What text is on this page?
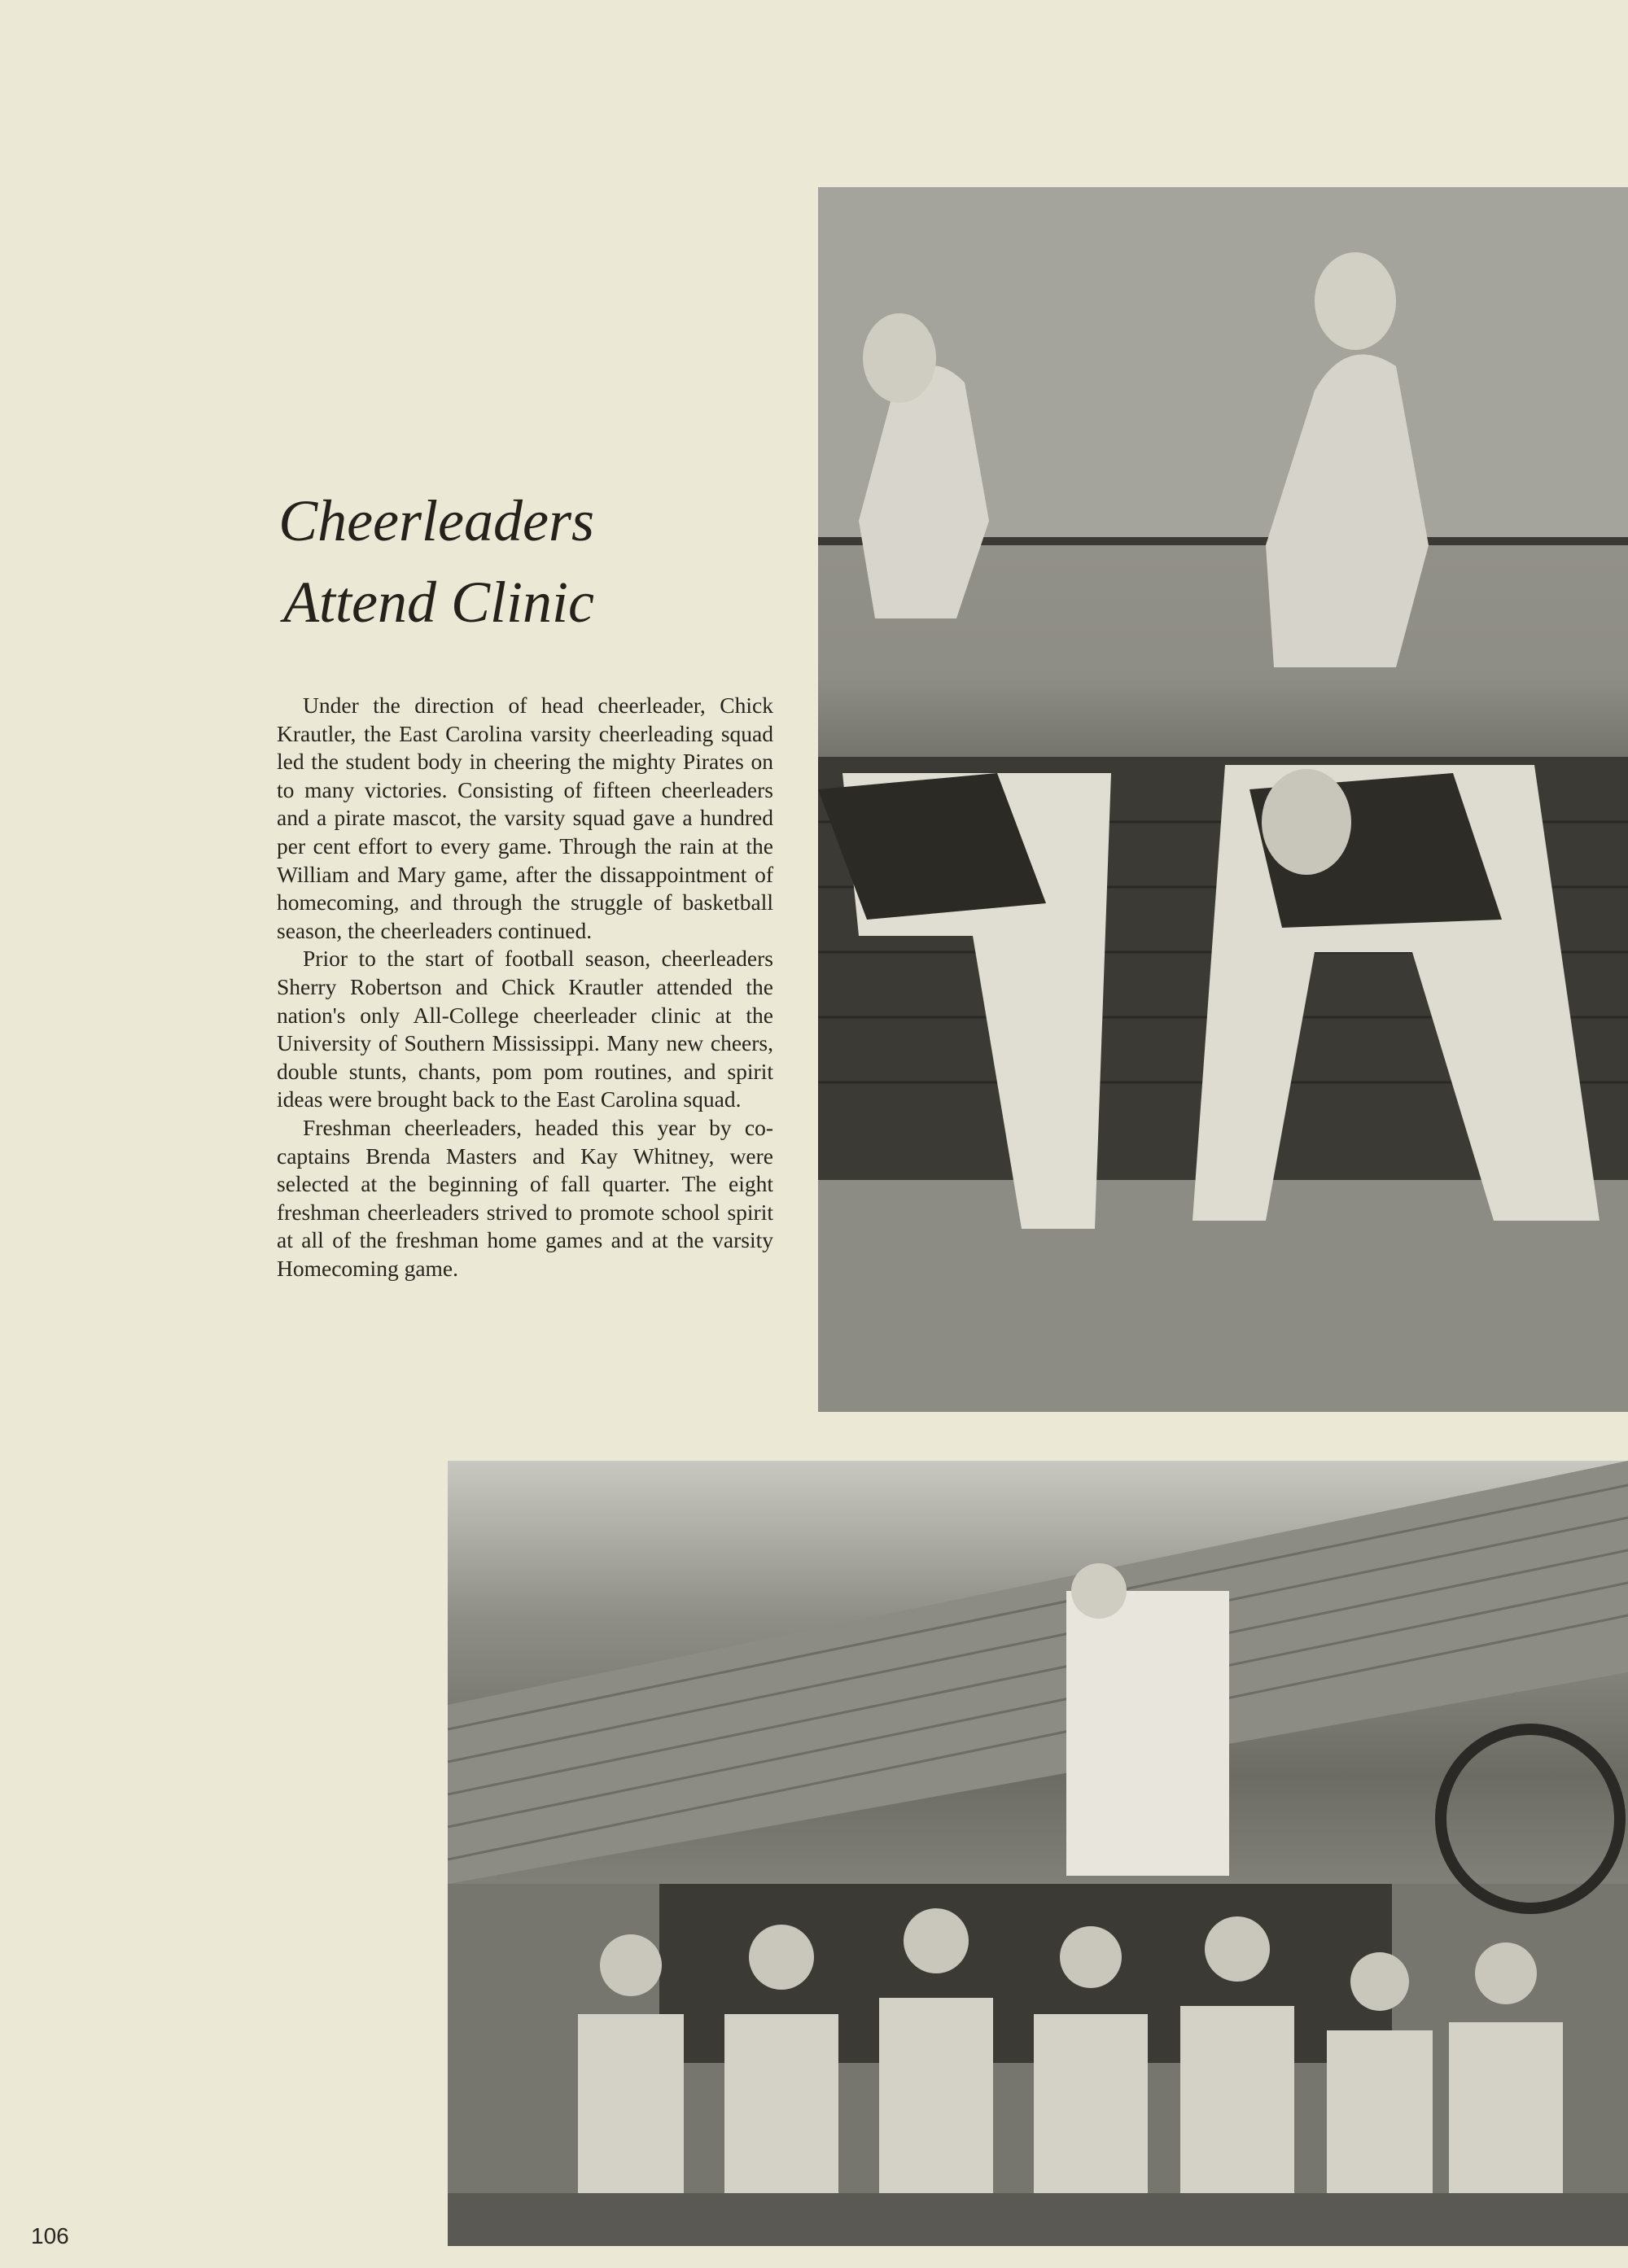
Cheerleaders
Attend Clinic

Under the direction of head cheerleader, Chick Krautler, the East Carolina varsity cheerleading squad led the student body in cheering the mighty Pirates on to many victories. Consisting of fifteen cheerleaders and a pirate mascot, the varsity squad gave a hundred per cent effort to every game. Through the rain at the William and Mary game, after the dissappointment of homecoming, and through the struggle of basketball season, the cheerleaders continued.

Prior to the start of football season, cheerleaders Sherry Robertson and Chick Krautler attended the nation's only All-College cheerleader clinic at the University of Southern Mississippi. Many new cheers, double stunts, chants, pom pom routines, and spirit ideas were brought back to the East Carolina squad.

Freshman cheerleaders, headed this year by co-captains Brenda Masters and Kay Whitney, were selected at the beginning of fall quarter. The eight freshman cheerleaders strived to promote school spirit at all of the freshman home games and at the varsity Homecoming game.

106
